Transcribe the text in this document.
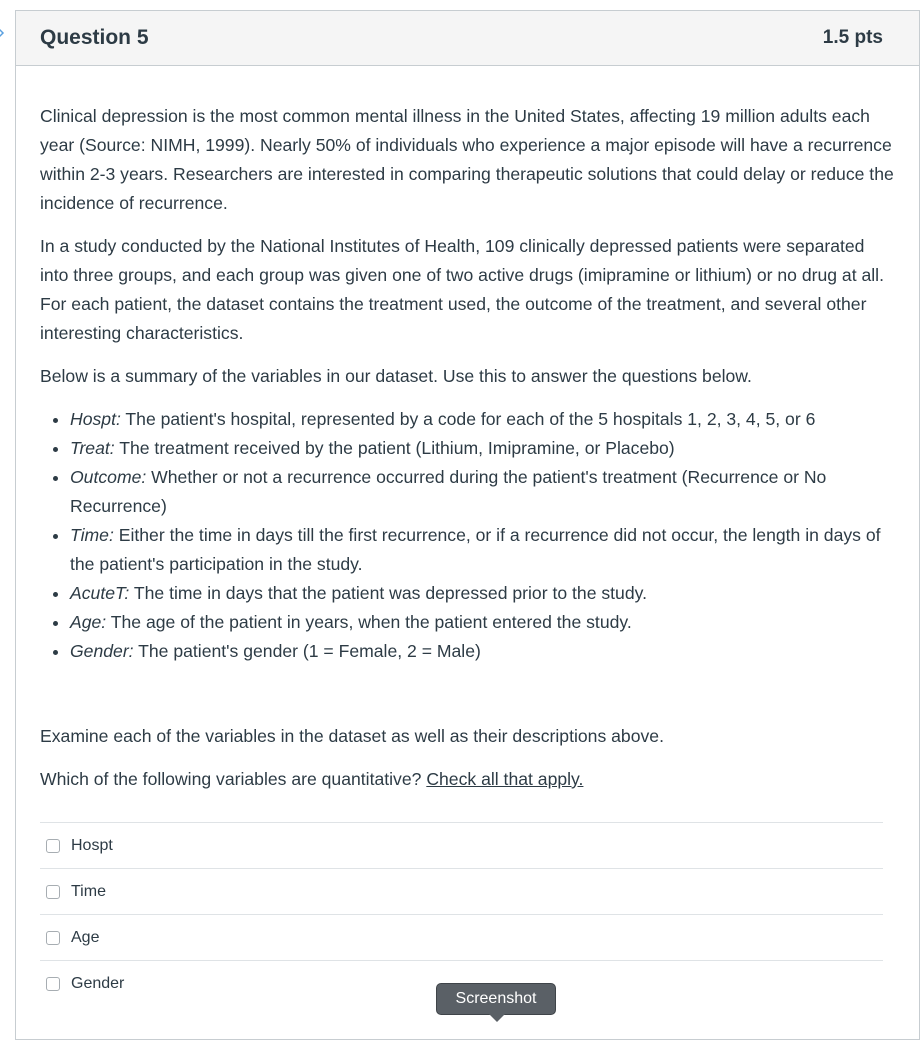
Question 5	1.5 pts

Clinical depression is the most common mental illness in the United States, affecting 19 million adults each year (Source: NIMH, 1999). Nearly 50% of individuals who experience a major episode will have a recurrence within 2-3 years. Researchers are interested in comparing therapeutic solutions that could delay or reduce the incidence of recurrence.

In a study conducted by the National Institutes of Health, 109 clinically depressed patients were separated into three groups, and each group was given one of two active drugs (imipramine or lithium) or no drug at all. For each patient, the dataset contains the treatment used, the outcome of the treatment, and several other interesting characteristics.

Below is a summary of the variables in our dataset. Use this to answer the questions below.

• Hospt: The patient's hospital, represented by a code for each of the 5 hospitals 1, 2, 3, 4, 5, or 6
• Treat: The treatment received by the patient (Lithium, Imipramine, or Placebo)
• Outcome: Whether or not a recurrence occurred during the patient's treatment (Recurrence or No Recurrence)
• Time: Either the time in days till the first recurrence, or if a recurrence did not occur, the length in days of the patient's participation in the study.
• AcuteT: The time in days that the patient was depressed prior to the study.
• Age: The age of the patient in years, when the patient entered the study.
• Gender: The patient's gender (1 = Female, 2 = Male)

Examine each of the variables in the dataset as well as their descriptions above.

Which of the following variables are quantitative? Check all that apply.

Hospt
Time
Age
Gender
Screenshot
